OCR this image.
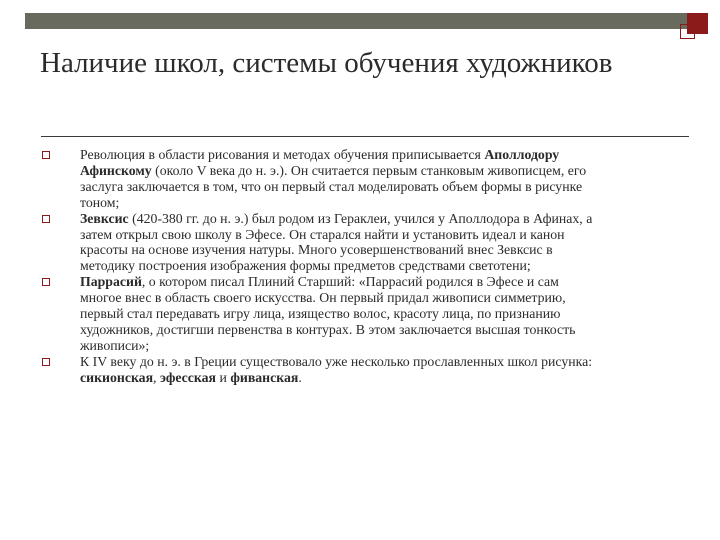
Наличие школ, системы обучения художников
Революция в области рисования и методах обучения приписывается Аполлодору Афинскому (около V века до н. э.). Он считается первым станковым живописцем, его заслуга заключается в том, что он первый стал моделировать объем формы в рисунке тоном;
Зевксис (420-380 гг. до н. э.) был родом из Гераклеи, учился у Аполлодора в Афинах, а затем открыл свою школу в Эфесе. Он старался найти и установить идеал и канон красоты на основе изучения натуры. Много усовершенствований внес Зевксис в методику построения изображения формы предметов средствами светотени;
Паррасий, о котором писал Плиний Старший: «Паррасий родился в Эфесе и сам многое внес в область своего искусства. Он первый придал живописи симметрию, первый стал передавать игру лица, изящество волос, красоту лица, по признанию художников, достигши первенства в контурах. В этом заключается высшая тонкость живописи»;
К IV веку до н. э. в Греции существовало уже несколько прославленных школ рисунка: сикионская, эфесская и фиванская.
